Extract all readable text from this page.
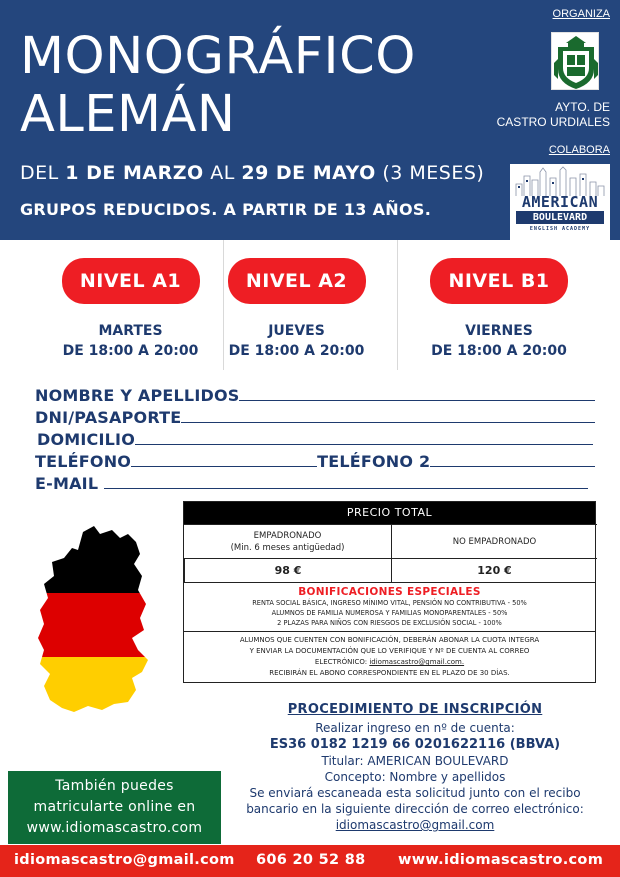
MONOGRÁFICO
ALEMÁN
DEL 1 DE MARZO AL 29 DE MAYO (3 MESES)
GRUPOS REDUCIDOS. A PARTIR DE 13 AÑOS.
ORGANIZA
AYTO. DE
CASTRO URDIALES
COLABORA
AMERICAN
BOULEVARD
ENGLISH ACADEMY
NIVEL A1
MARTES
DE 18:00 A 20:00
NIVEL A2
JUEVES
DE 18:00 A 20:00
NIVEL B1
VIERNES
DE 18:00 A 20:00
NOMBRE Y APELLIDOS
DNI/PASAPORTE
DOMICILIO
TELÉFONO	TELÉFONO 2
E-MAIL
PRECIO TOTAL
EMPADRONADO
(Min. 6 meses antigüedad)
NO EMPADRONADO
98 €	120 €
BONIFICACIONES ESPECIALES
RENTA SOCIAL BÁSICA, INGRESO MÍNIMO VITAL, PENSIÓN NO CONTRIBUTIVA - 50%
ALUMNOS DE FAMILIA NUMEROSA Y FAMILIAS MONOPARENTALES - 50%
2 PLAZAS PARA NIÑOS CON RIESGOS DE EXCLUSIÓN SOCIAL - 100%
ALUMNOS QUE CUENTEN CON BONIFICACIÓN, DEBERÁN ABONAR LA CUOTA INTEGRA
Y ENVIAR LA DOCUMENTACIÓN QUE LO VERIFIQUE Y Nº DE CUENTA AL CORREO
ELECTRÓNICO: idiomascastro@gmail.com.
RECIBIRÁN EL ABONO CORRESPONDIENTE EN EL PLAZO DE 30 DÍAS.
PROCEDIMIENTO DE INSCRIPCIÓN
Realizar ingreso en nº de cuenta:
ES36 0182 1219 66 0201622116 (BBVA)
Titular: AMERICAN BOULEVARD
Concepto: Nombre y apellidos
Se enviará escaneada esta solicitud junto con el recibo
bancario en la siguiente dirección de correo electrónico:
idiomascastro@gmail.com
También puedes
matricularte online en
www.idiomascastro.com
idiomascastro@gmail.com 606 20 52 88 www.idiomascastro.com
